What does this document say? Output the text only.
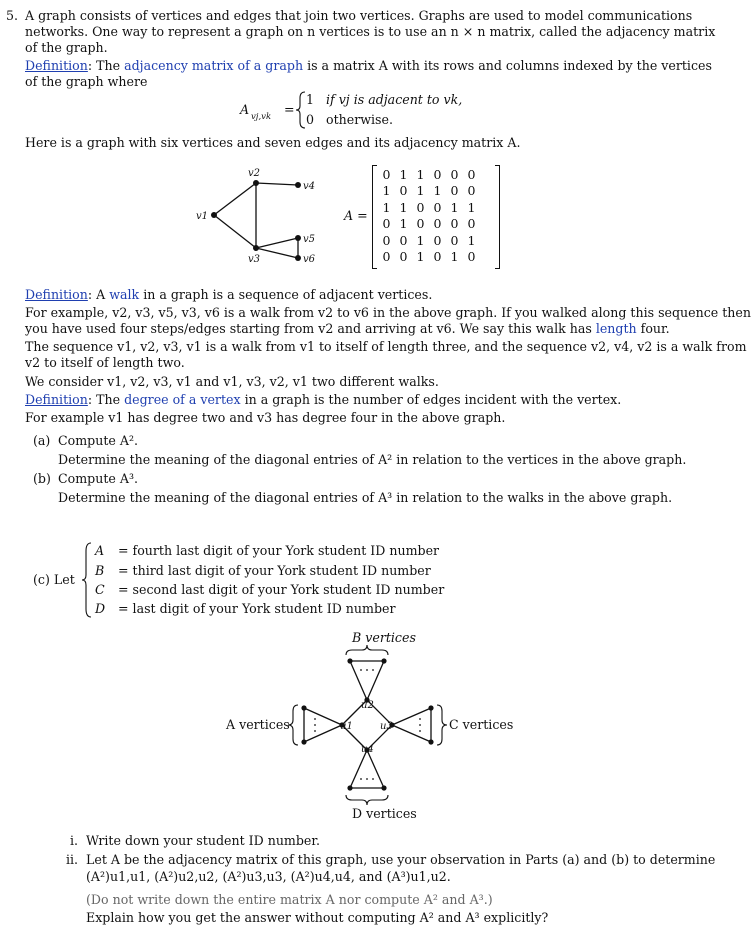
5. A graph consists of vertices and edges that join two vertices. Graphs are used to model communications
networks. One way to represent a graph on n vertices is to use an n × n matrix, called the adjacency matrix
of the graph.
Definition: The adjacency matrix of a graph is a matrix A with its rows and columns indexed by the vertices
of the graph where
A vj,vk =
1 if vj is adjacent to vk,
0 otherwise.
Here is a graph with six vertices and seven edges and its adjacency matrix A.
v1
v2
v3
v4
v5
v6
A =
0	1	1	0	0	0
1	0	1	1	0	0
1	1	0	0	1	1
0	1	0	0	0	0
0	0	1	0	0	1
0	0	1	0	1	0
Definition: A walk in a graph is a sequence of adjacent vertices.
For example, v2, v3, v5, v3, v6 is a walk from v2 to v6 in the above graph. If you walked along this sequence then
you have used four steps/edges starting from v2 and arriving at v6. We say this walk has length four.
The sequence v1, v2, v3, v1 is a walk from v1 to itself of length three, and the sequence v2, v4, v2 is a walk from
v2 to itself of length two.
We consider v1, v2, v3, v1 and v1, v3, v2, v1 two different walks.
Definition: The degree of a vertex in a graph is the number of edges incident with the vertex.
For example v1 has degree two and v3 has degree four in the above graph.
(a) Compute A².
Determine the meaning of the diagonal entries of A² in relation to the vertices in the above graph.
(b) Compute A³.
Determine the meaning of the diagonal entries of A³ in relation to the walks in the above graph.
(c) Let
A = fourth last digit of your York student ID number
B = third last digit of your York student ID number
C = second last digit of your York student ID number
D = last digit of your York student ID number
u2
u1	u3
u4
B vertices
D vertices
A vertices	C vertices
i. Write down your student ID number.
ii. Let A be the adjacency matrix of this graph, use your observation in Parts (a) and (b) to determine
(A²)u1,u1, (A²)u2,u2, (A²)u3,u3, (A²)u4,u4, and (A³)u1,u2.
(Do not write down the entire matrix A nor compute A² and A³.)
Explain how you get the answer without computing A² and A³ explicitly?
